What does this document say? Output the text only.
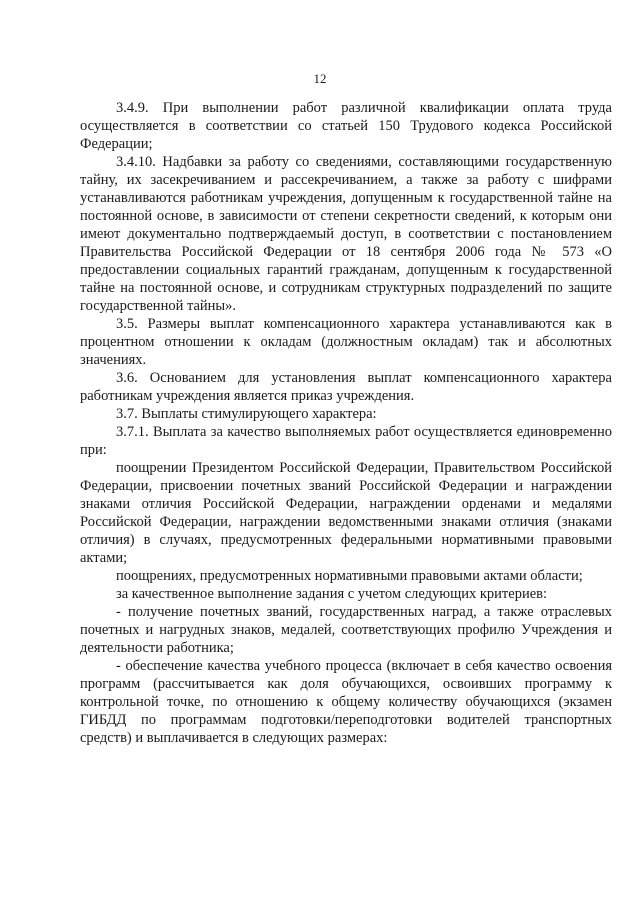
12

3.4.9. При выполнении работ различной квалификации оплата труда осуществляется в соответствии со статьей 150 Трудового кодекса Российской Федерации;

3.4.10. Надбавки за работу со сведениями, составляющими государственную тайну, их засекречиванием и рассекречиванием, а также за работу с шифрами устанавливаются работникам учреждения, допущенным к государственной тайне на постоянной основе, в зависимости от степени секретности сведений, к которым они имеют документально подтверждаемый доступ, в соответствии с постановлением Правительства Российской Федерации от 18 сентября 2006 года № 573 «О предоставлении социальных гарантий гражданам, допущенным к государственной тайне на постоянной основе, и сотрудникам структурных подразделений по защите государственной тайны».

3.5. Размеры выплат компенсационного характера устанавливаются как в процентном отношении к окладам (должностным окладам) так и абсолютных значениях.

3.6. Основанием для установления выплат компенсационного характера работникам учреждения является приказ учреждения.

3.7. Выплаты стимулирующего характера:

3.7.1. Выплата за качество выполняемых работ осуществляется единовременно при:

поощрении Президентом Российской Федерации, Правительством Российской Федерации, присвоении почетных званий Российской Федерации и награждении знаками отличия Российской Федерации, награждении орденами и медалями Российской Федерации, награждении ведомственными знаками отличия (знаками отличия) в случаях, предусмотренных федеральными нормативными правовыми актами;

поощрениях, предусмотренных нормативными правовыми актами области;

за качественное выполнение задания с учетом следующих критериев:

- получение почетных званий, государственных наград, а также отраслевых почетных и нагрудных знаков, медалей, соответствующих профилю Учреждения и деятельности работника;

- обеспечение качества учебного процесса (включает в себя качество освоения программ (рассчитывается как доля обучающихся, освоивших программу к контрольной точке, по отношению к общему количеству обучающихся (экзамен ГИБДД по программам подготовки/переподготовки водителей транспортных средств) и выплачивается в следующих размерах:
